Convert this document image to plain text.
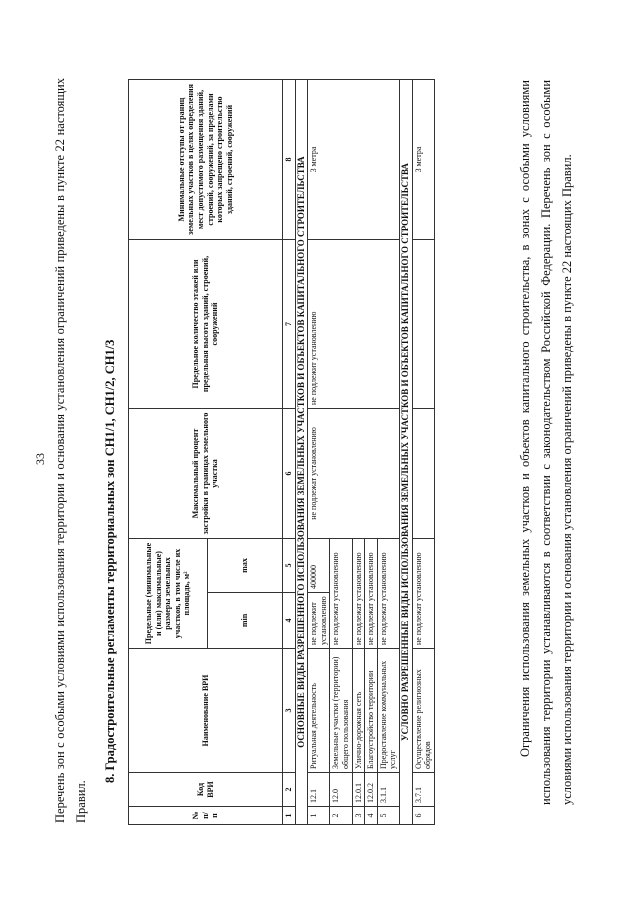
33 Перечень зон с особыми условиями использования территории и основания установления ограничений приведены в пункте 22 настоящих Правил.
8. Градостроительные регламенты территориальных зон СН1/1, СН1/2, СН1/3
№ п/п	Код ВРИ	Наименование ВРИ	Предельные (минимальные и (или) максимальные) размеры земельных участков, в том числе их площадь, м²		Максимальный процент застройки в границах земельного участка	Предельное количество этажей или предельная высота зданий, строений, сооружений	Минимальные отступы от границ земельных участков в целях определения мест допустимого размещения зданий, строений, сооружений, за пределами которых запрещено строительство зданий, строений, сооружений
			min	max			
1	2	3	4	5	6	7	8
ОСНОВНЫЕ ВИДЫ РАЗРЕШЕННОГО ИСПОЛЬЗОВАНИЯ ЗЕМЕЛЬНЫХ УЧАСТКОВ И ОБЪЕКТОВ КАПИТАЛЬНОГО СТРОИТЕЛЬСТВА							
1	12.1	Ритуальная деятельность	не подлежит установлению	400000	не подлежат установлению	не подлежит установлению	3 метра
2	12.0	Земельные участки (территории) общего пользования	не подлежат установлению				
3	12.0.1	Улично-дорожная сеть	не подлежат установлению				
4	12.0.2	Благоустройство территории	не подлежат установлению				
5	3.1.1	Предоставление коммунальных услуг	не подлежат установлению				
УСЛОВНО РАЗРЕШЕННЫЕ ВИДЫ ИСПОЛЬЗОВАНИЯ ЗЕМЕЛЬНЫХ УЧАСТКОВ И ОБЪЕКТОВ КАПИТАЛЬНОГО СТРОИТЕЛЬСТВА							
6	3.7.1	Осуществление религиозных обрядов	не подлежат установлению				3 метра	Ограничения использования земельных участков и объектов капитального строительства, в зонах с особыми условиями использования территории устанавливаются в соответствии с законодательством Российской Федерации. Перечень зон с особыми условиями использования территории и основания установления ограничений приведены в пункте 22 настоящих Правил.
